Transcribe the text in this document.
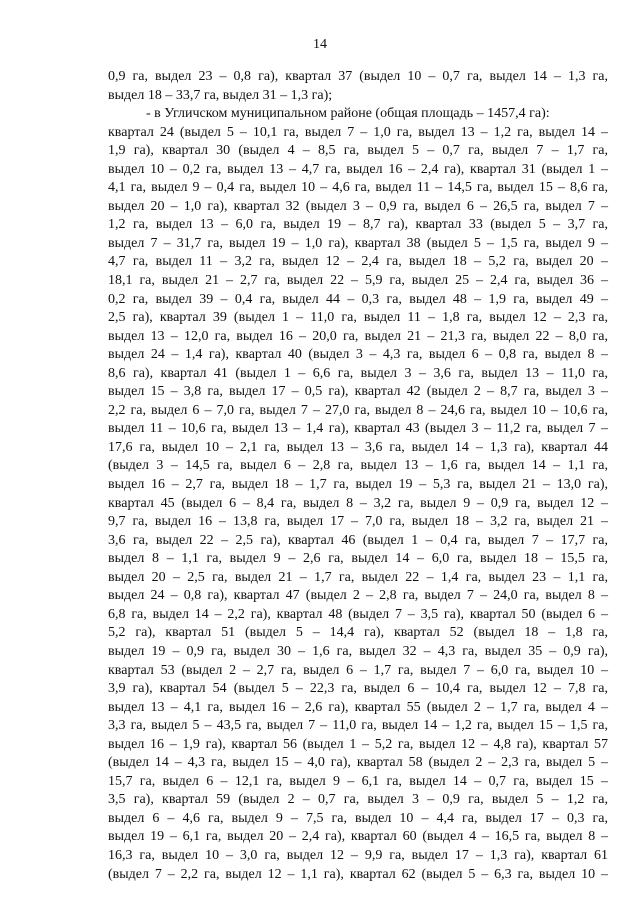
14
0,9 га, выдел 23 – 0,8 га), квартал 37 (выдел 10 – 0,7 га, выдел 14 – 1,3 га,
выдел 18 – 33,7 га, выдел 31 – 1,3 га);
- в Угличском муниципальном районе (общая площадь – 1457,4 га):
квартал 24 (выдел 5 – 10,1 га, выдел 7 – 1,0 га, выдел 13 – 1,2 га, выдел 14 –
1,9 га), квартал 30 (выдел 4 – 8,5 га, выдел 5 – 0,7 га, выдел 7 – 1,7 га,
выдел 10 – 0,2 га, выдел 13 – 4,7 га, выдел 16 – 2,4 га), квартал 31 (выдел 1 –
4,1 га, выдел 9 – 0,4 га, выдел 10 – 4,6 га, выдел 11 – 14,5 га, выдел 15 – 8,6 га,
выдел 20 – 1,0 га), квартал 32 (выдел 3 – 0,9 га, выдел 6 – 26,5 га, выдел 7 –
1,2 га, выдел 13 – 6,0 га, выдел 19 – 8,7 га), квартал 33 (выдел 5 – 3,7 га,
выдел 7 – 31,7 га, выдел 19 – 1,0 га), квартал 38 (выдел 5 – 1,5 га, выдел 9 –
4,7 га, выдел 11 – 3,2 га, выдел 12 – 2,4 га, выдел 18 – 5,2 га, выдел 20 –
18,1 га, выдел 21 – 2,7 га, выдел 22 – 5,9 га, выдел 25 – 2,4 га, выдел 36 –
0,2 га, выдел 39 – 0,4 га, выдел 44 – 0,3 га, выдел 48 – 1,9 га, выдел 49 –
2,5 га), квартал 39 (выдел 1 – 11,0 га, выдел 11 – 1,8 га, выдел 12 – 2,3 га,
выдел 13 – 12,0 га, выдел 16 – 20,0 га, выдел 21 – 21,3 га, выдел 22 – 8,0 га,
выдел 24 – 1,4 га), квартал 40 (выдел 3 – 4,3 га, выдел 6 – 0,8 га, выдел 8 –
8,6 га), квартал 41 (выдел 1 – 6,6 га, выдел 3 – 3,6 га, выдел 13 – 11,0 га,
выдел 15 – 3,8 га, выдел 17 – 0,5 га), квартал 42 (выдел 2 – 8,7 га, выдел 3 –
2,2 га, выдел 6 – 7,0 га, выдел 7 – 27,0 га, выдел 8 – 24,6 га, выдел 10 – 10,6 га,
выдел 11 – 10,6 га, выдел 13 – 1,4 га), квартал 43 (выдел 3 – 11,2 га, выдел 7 –
17,6 га, выдел 10 – 2,1 га, выдел 13 – 3,6 га, выдел 14 – 1,3 га), квартал 44
(выдел 3 – 14,5 га, выдел 6 – 2,8 га, выдел 13 – 1,6 га, выдел 14 – 1,1 га,
выдел 16 – 2,7 га, выдел 18 – 1,7 га, выдел 19 – 5,3 га, выдел 21 – 13,0 га),
квартал 45 (выдел 6 – 8,4 га, выдел 8 – 3,2 га, выдел 9 – 0,9 га, выдел 12 –
9,7 га, выдел 16 – 13,8 га, выдел 17 – 7,0 га, выдел 18 – 3,2 га, выдел 21 –
3,6 га, выдел 22 – 2,5 га), квартал 46 (выдел 1 – 0,4 га, выдел 7 – 17,7 га,
выдел 8 – 1,1 га, выдел 9 – 2,6 га, выдел 14 – 6,0 га, выдел 18 – 15,5 га,
выдел 20 – 2,5 га, выдел 21 – 1,7 га, выдел 22 – 1,4 га, выдел 23 – 1,1 га,
выдел 24 – 0,8 га), квартал 47 (выдел 2 – 2,8 га, выдел 7 – 24,0 га, выдел 8 –
6,8 га, выдел 14 – 2,2 га), квартал 48 (выдел 7 – 3,5 га), квартал 50 (выдел 6 –
5,2 га), квартал 51 (выдел 5 – 14,4 га), квартал 52 (выдел 18 – 1,8 га,
выдел 19 – 0,9 га, выдел 30 – 1,6 га, выдел 32 – 4,3 га, выдел 35 – 0,9 га),
квартал 53 (выдел 2 – 2,7 га, выдел 6 – 1,7 га, выдел 7 – 6,0 га, выдел 10 –
3,9 га), квартал 54 (выдел 5 – 22,3 га, выдел 6 – 10,4 га, выдел 12 – 7,8 га,
выдел 13 – 4,1 га, выдел 16 – 2,6 га), квартал 55 (выдел 2 – 1,7 га, выдел 4 –
3,3 га, выдел 5 – 43,5 га, выдел 7 – 11,0 га, выдел 14 – 1,2 га, выдел 15 – 1,5 га,
выдел 16 – 1,9 га), квартал 56 (выдел 1 – 5,2 га, выдел 12 – 4,8 га), квартал 57
(выдел 14 – 4,3 га, выдел 15 – 4,0 га), квартал 58 (выдел 2 – 2,3 га, выдел 5 –
15,7 га, выдел 6 – 12,1 га, выдел 9 – 6,1 га, выдел 14 – 0,7 га, выдел 15 –
3,5 га), квартал 59 (выдел 2 – 0,7 га, выдел 3 – 0,9 га, выдел 5 – 1,2 га,
выдел 6 – 4,6 га, выдел 9 – 7,5 га, выдел 10 – 4,4 га, выдел 17 – 0,3 га,
выдел 19 – 6,1 га, выдел 20 – 2,4 га), квартал 60 (выдел 4 – 16,5 га, выдел 8 –
16,3 га, выдел 10 – 3,0 га, выдел 12 – 9,9 га, выдел 17 – 1,3 га), квартал 61
(выдел 7 – 2,2 га, выдел 12 – 1,1 га), квартал 62 (выдел 5 – 6,3 га, выдел 10 –
